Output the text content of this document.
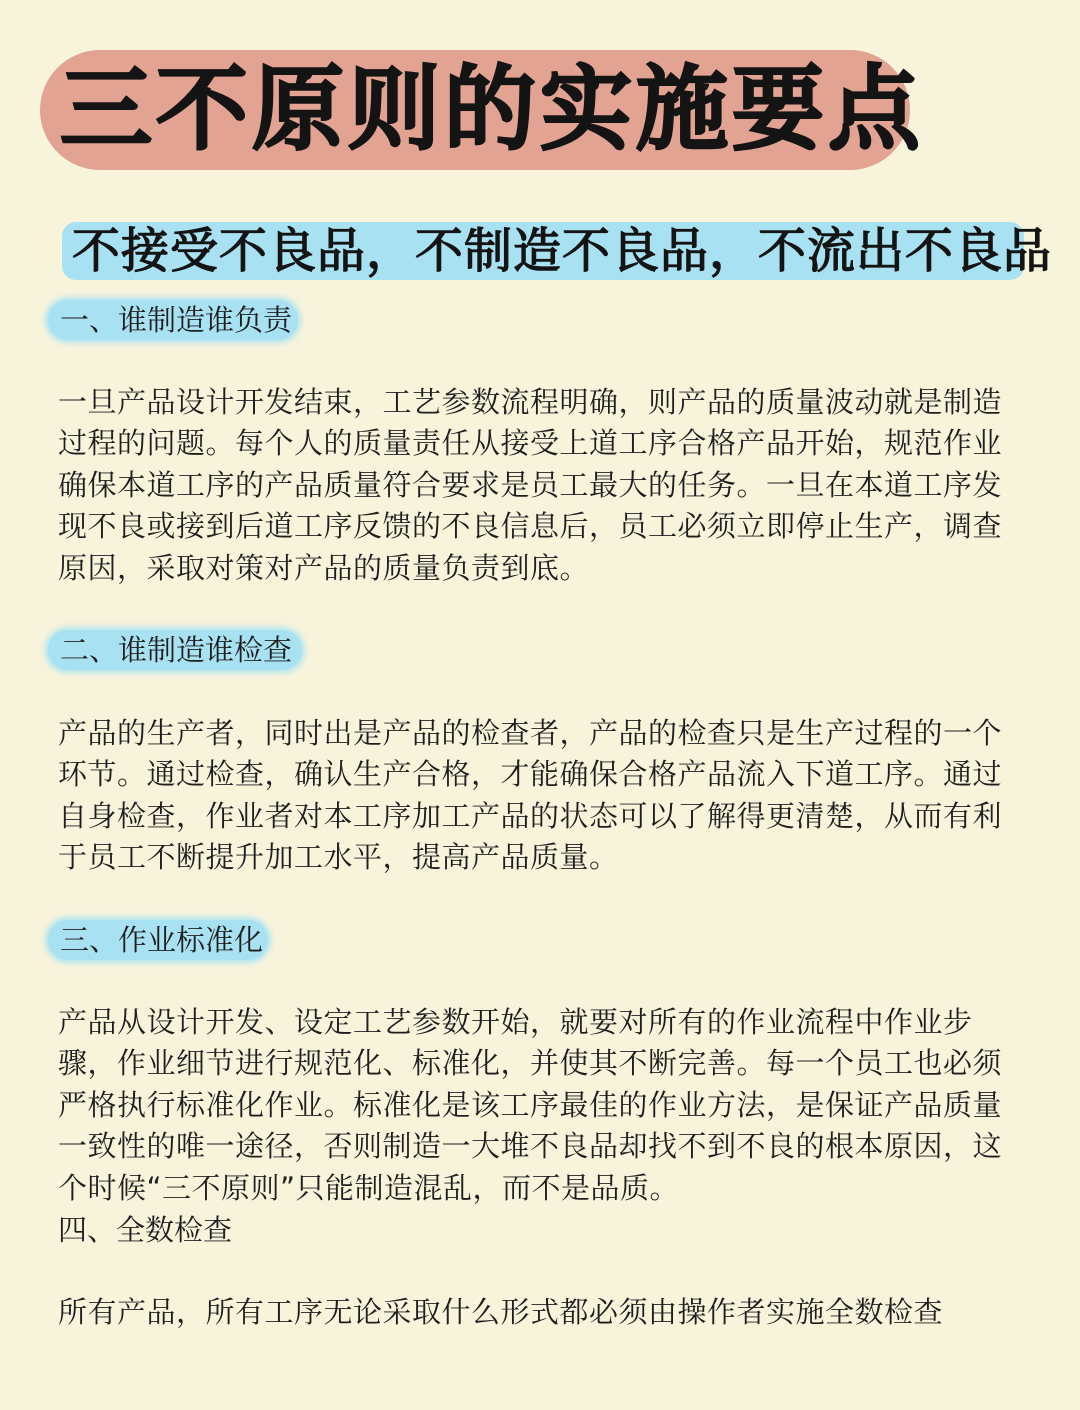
三不原则的实施要点
不接受不良品，不制造不良品，不流出不良品
一、谁制造谁负责

一旦产品设计开发结束，工艺参数流程明确，则产品的质量波动就是制造过程的问题。每个人的质量责任从接受上道工序合格产品开始，规范作业确保本道工序的产品质量符合要求是员工最大的任务。一旦在本道工序发现不良或接到后道工序反馈的不良信息后，员工必须立即停止生产，调查原因，采取对策对产品的质量负责到底。

二、谁制造谁检查

产品的生产者，同时出是产品的检查者，产品的检查只是生产过程的一个环节。通过检查，确认生产合格，才能确保合格产品流入下道工序。通过自身检查，作业者对本工序加工产品的状态可以了解得更清楚，从而有利于员工不断提升加工水平，提高产品质量。

三、作业标准化

产品从设计开发、设定工艺参数开始，就要对所有的作业流程中作业步骤，作业细节进行规范化、标准化，并使其不断完善。每一个员工也必须严格执行标准化作业。标准化是该工序最佳的作业方法，是保证产品质量一致性的唯一途径，否则制造一大堆不良品却找不到不良的根本原因，这个时候“三不原则”只能制造混乱，而不是品质。

四、全数检查

所有产品，所有工序无论采取什么形式都必须由操作者实施全数检查
